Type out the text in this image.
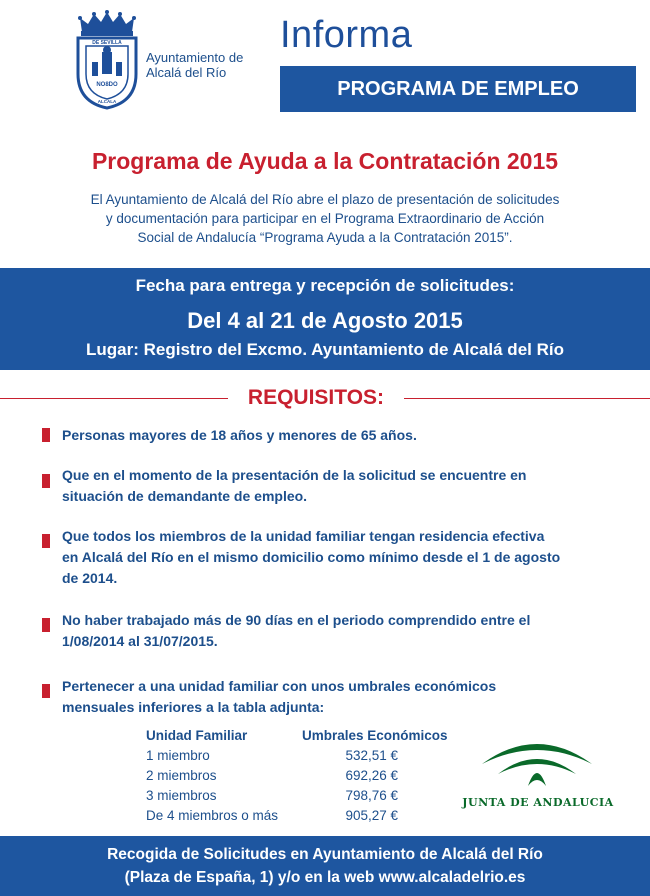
DE SEVILLA
NO8DO
ALCALA
Ayuntamiento de
Alcalá del Río
Informa
PROGRAMA DE EMPLEO
Programa de Ayuda a la Contratación 2015
El Ayuntamiento de Alcalá del Río abre el plazo de presentación de solicitudes
y documentación para participar en el Programa Extraordinario de Acción
Social de Andalucía “Programa Ayuda a la Contratación 2015”.
Fecha para entrega y recepción de solicitudes:
Del 4 al 21 de Agosto 2015
Lugar: Registro del Excmo. Ayuntamiento de Alcalá del Río
REQUISITOS:
Personas mayores de 18 años y menores de 65 años.
Que en el momento de la presentación de la solicitud se encuentre en
situación de demandante de empleo.
Que todos los miembros de la unidad familiar tengan residencia efectiva
en Alcalá del Río en el mismo domicilio como mínimo desde el 1 de agosto
de 2014.
No haber trabajado más de 90 días en el periodo comprendido entre el
1/08/2014 al 31/07/2015.
Pertenecer a una unidad familiar con unos umbrales económicos
mensuales inferiores a la tabla adjunta:
Unidad Familiar
1 miembro
2 miembros
3 miembros
De 4 miembros o más
Umbrales Económicos
532,51 €
692,26 €
798,76 €
905,27 €
JUNTA DE ANDALUCIA
Recogida de Solicitudes en Ayuntamiento de Alcalá del Río
(Plaza de España, 1) y/o en la web www.alcaladelrio.es
